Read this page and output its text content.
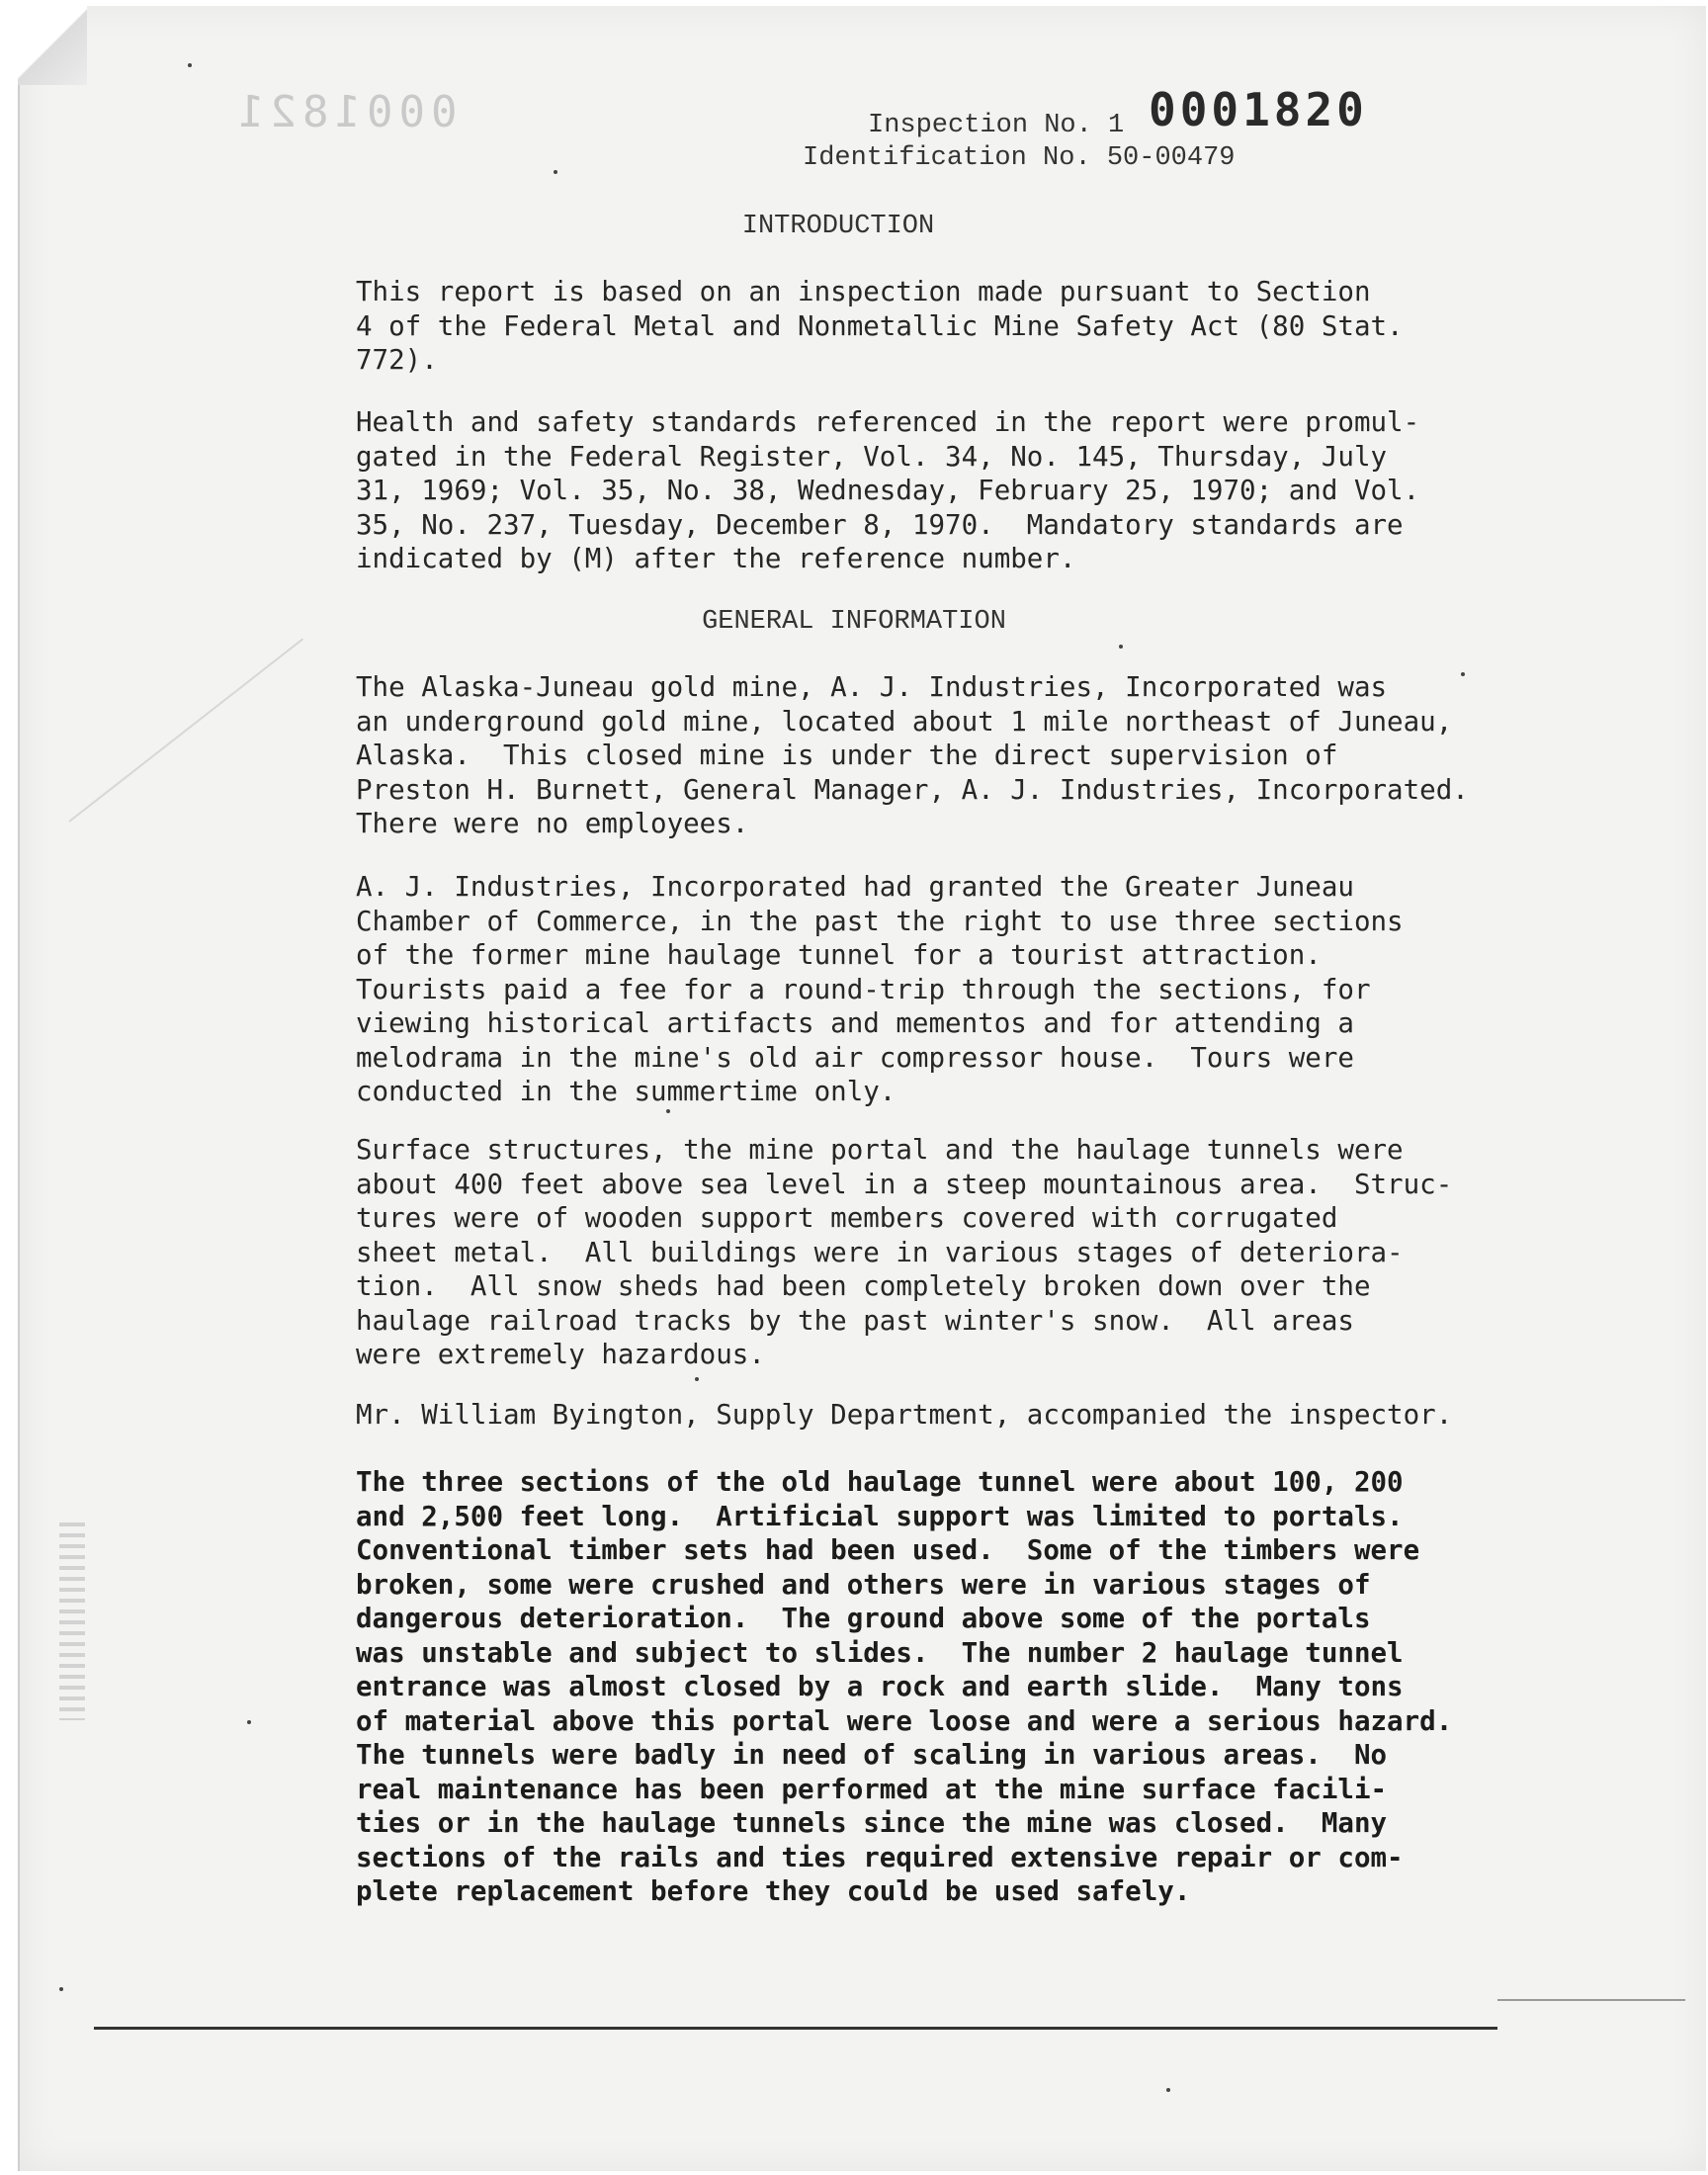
0001821	0001820
Inspection No. 1
Identification No. 50-00479
INTRODUCTION
This report is based on an inspection made pursuant to Section
4 of the Federal Metal and Nonmetallic Mine Safety Act (80 Stat.
772).
Health and safety standards referenced in the report were promul-
gated in the Federal Register, Vol. 34, No. 145, Thursday, July
31, 1969; Vol. 35, No. 38, Wednesday, February 25, 1970; and Vol.
35, No. 237, Tuesday, December 8, 1970.  Mandatory standards are
indicated by (M) after the reference number.
GENERAL INFORMATION
The Alaska-Juneau gold mine, A. J. Industries, Incorporated was
an underground gold mine, located about 1 mile northeast of Juneau,
Alaska.  This closed mine is under the direct supervision of
Preston H. Burnett, General Manager, A. J. Industries, Incorporated.
There were no employees.
A. J. Industries, Incorporated had granted the Greater Juneau
Chamber of Commerce, in the past the right to use three sections
of the former mine haulage tunnel for a tourist attraction.
Tourists paid a fee for a round-trip through the sections, for
viewing historical artifacts and mementos and for attending a
melodrama in the mine's old air compressor house.  Tours were
conducted in the summertime only.
Surface structures, the mine portal and the haulage tunnels were
about 400 feet above sea level in a steep mountainous area.  Struc-
tures were of wooden support members covered with corrugated
sheet metal.  All buildings were in various stages of deteriora-
tion.  All snow sheds had been completely broken down over the
haulage railroad tracks by the past winter's snow.  All areas
were extremely hazardous.
Mr. William Byington, Supply Department, accompanied the inspector.
The three sections of the old haulage tunnel were about 100, 200
and 2,500 feet long.  Artificial support was limited to portals.
Conventional timber sets had been used.  Some of the timbers were
broken, some were crushed and others were in various stages of
dangerous deterioration.  The ground above some of the portals
was unstable and subject to slides.  The number 2 haulage tunnel
entrance was almost closed by a rock and earth slide.  Many tons
of material above this portal were loose and were a serious hazard.
The tunnels were badly in need of scaling in various areas.  No
real maintenance has been performed at the mine surface facili-
ties or in the haulage tunnels since the mine was closed.  Many
sections of the rails and ties required extensive repair or com-
plete replacement before they could be used safely.
